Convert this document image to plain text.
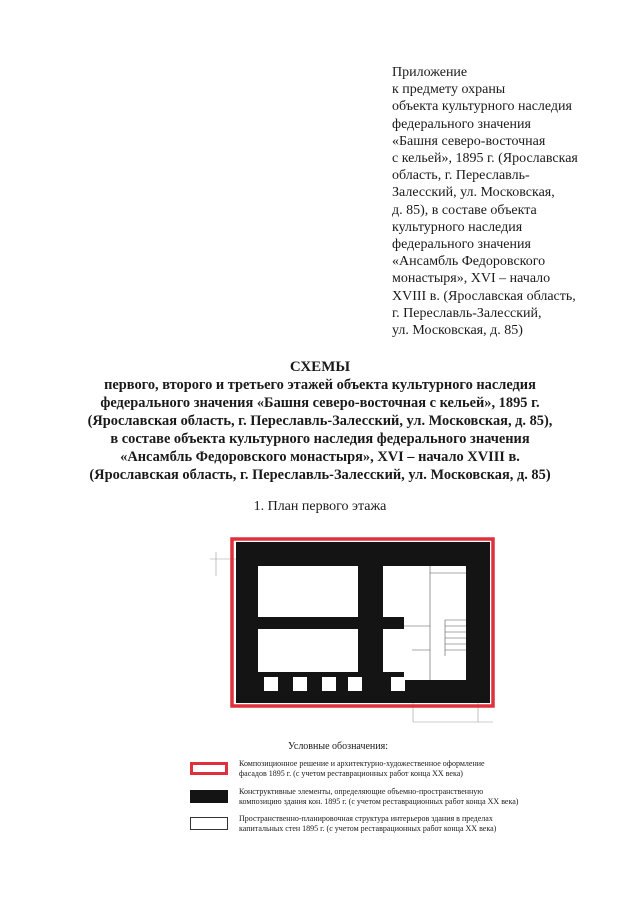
Приложение
к предмету охраны
объекта культурного наследия
федерального значения
«Башня северо-восточная
с кельей», 1895 г. (Ярославская
область, г. Переславль-
Залесский, ул. Московская,
д. 85), в составе объекта
культурного наследия
федерального значения
«Ансамбль Федоровского
монастыря», XVI – начало
XVIII в. (Ярославская область,
г. Переславль-Залесский,
ул. Московская, д. 85)
СХЕМЫ
первого, второго и третьего этажей объекта культурного наследия
федерального значения «Башня северо-восточная с кельей», 1895 г.
(Ярославская область, г. Переславль-Залесский, ул. Московская, д. 85),
в составе объекта культурного наследия федерального значения
«Ансамбль Федоровского монастыря», XVI – начало XVIII в.
(Ярославская область, г. Переславль-Залесский, ул. Московская, д. 85)
1. План первого этажа
Условные обозначения:
Композиционное решение и архитектурно-художественное оформление
фасадов 1895 г. (с учетом реставрационных работ конца XX века)
Конструктивные элементы, определяющие объемно-пространственную
композицию здания кон. 1895 г. (с учетом реставрационных работ конца XX века)
Пространственно-планировочная структура интерьеров здания в пределах
капитальных стен 1895 г. (с учетом реставрационных работ конца XX века)
